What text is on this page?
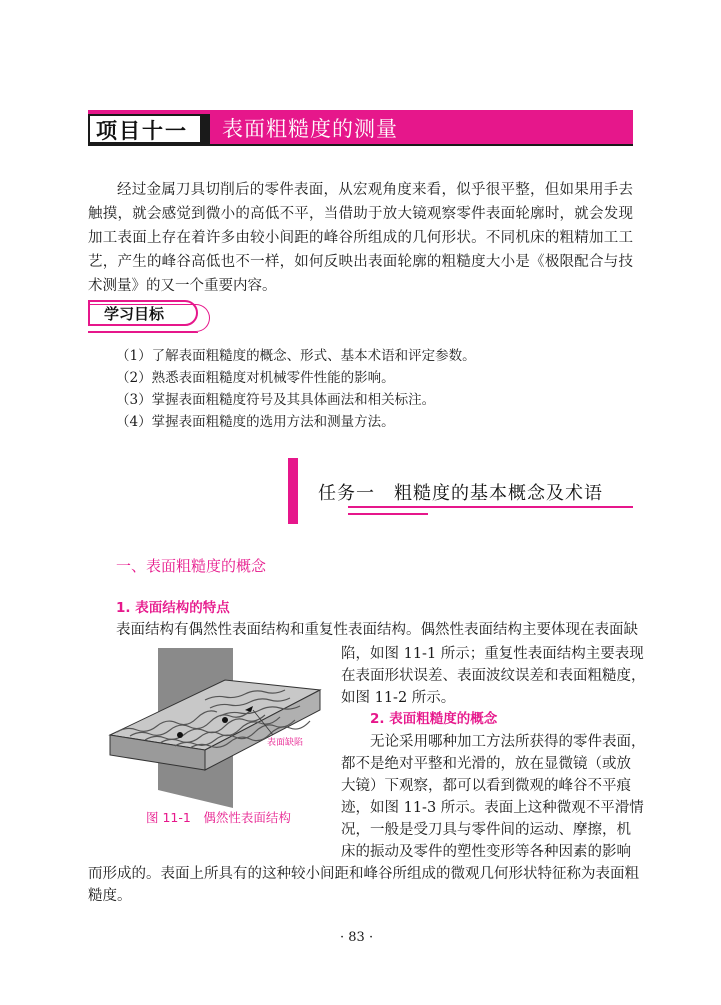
项目十一 表面粗糙度的测量
经过金属刀具切削后的零件表面，从宏观角度来看，似乎很平整，但如果用手去触摸，就会感觉到微小的高低不平，当借助于放大镜观察零件表面轮廓时，就会发现加工表面上存在着许多由较小间距的峰谷所组成的几何形状。不同机床的粗精加工工艺，产生的峰谷高低也不一样，如何反映出表面轮廓的粗糙度大小是《极限配合与技术测量》的又一个重要内容。
学习目标
（1）了解表面粗糙度的概念、形式、基本术语和评定参数。
（2）熟悉表面粗糙度对机械零件性能的影响。
（3）掌握表面粗糙度符号及其具体画法和相关标注。
（4）掌握表面粗糙度的选用方法和测量方法。
任务一　粗糙度的基本概念及术语
一、表面粗糙度的概念
1. 表面结构的特点
表面结构有偶然性表面结构和重复性表面结构。偶然性表面结构主要体现在表面缺
陷，如图 11-1 所示；重复性表面结构主要表现
在表面形状误差、表面波纹误差和表面粗糙度，
如图 11-2 所示。
2. 表面粗糙度的概念
无论采用哪种加工方法所获得的零件表面，
都不是绝对平整和光滑的，放在显微镜（或放
大镜）下观察，都可以看到微观的峰谷不平痕
迹，如图 11-3 所示。表面上这种微观不平滑情
况，一般是受刀具与零件间的运动、摩擦，机
床的振动及零件的塑性变形等各种因素的影响
而形成的。表面上所具有的这种较小间距和峰谷所组成的微观几何形状特征称为表面粗
糙度。
表面缺陷
图 11-1　偶然性表面结构
· 83 ·
